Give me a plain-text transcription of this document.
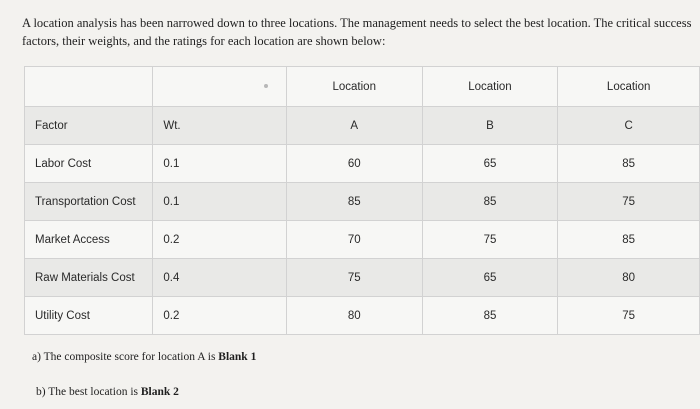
A location analysis has been narrowed down to three locations. The management needs to select the best location. The critical success factors, their weights, and the ratings for each location are shown below:
		Location	Location	Location
Factor	Wt.	A	B	C
Labor Cost	0.1	60	65	85
Transportation Cost	0.1	85	85	75
Market Access	0.2	70	75	85
Raw Materials Cost	0.4	75	65	80
Utility Cost	0.2	80	85	75
a) The composite score for location A is Blank 1
b) The best location is Blank 2
